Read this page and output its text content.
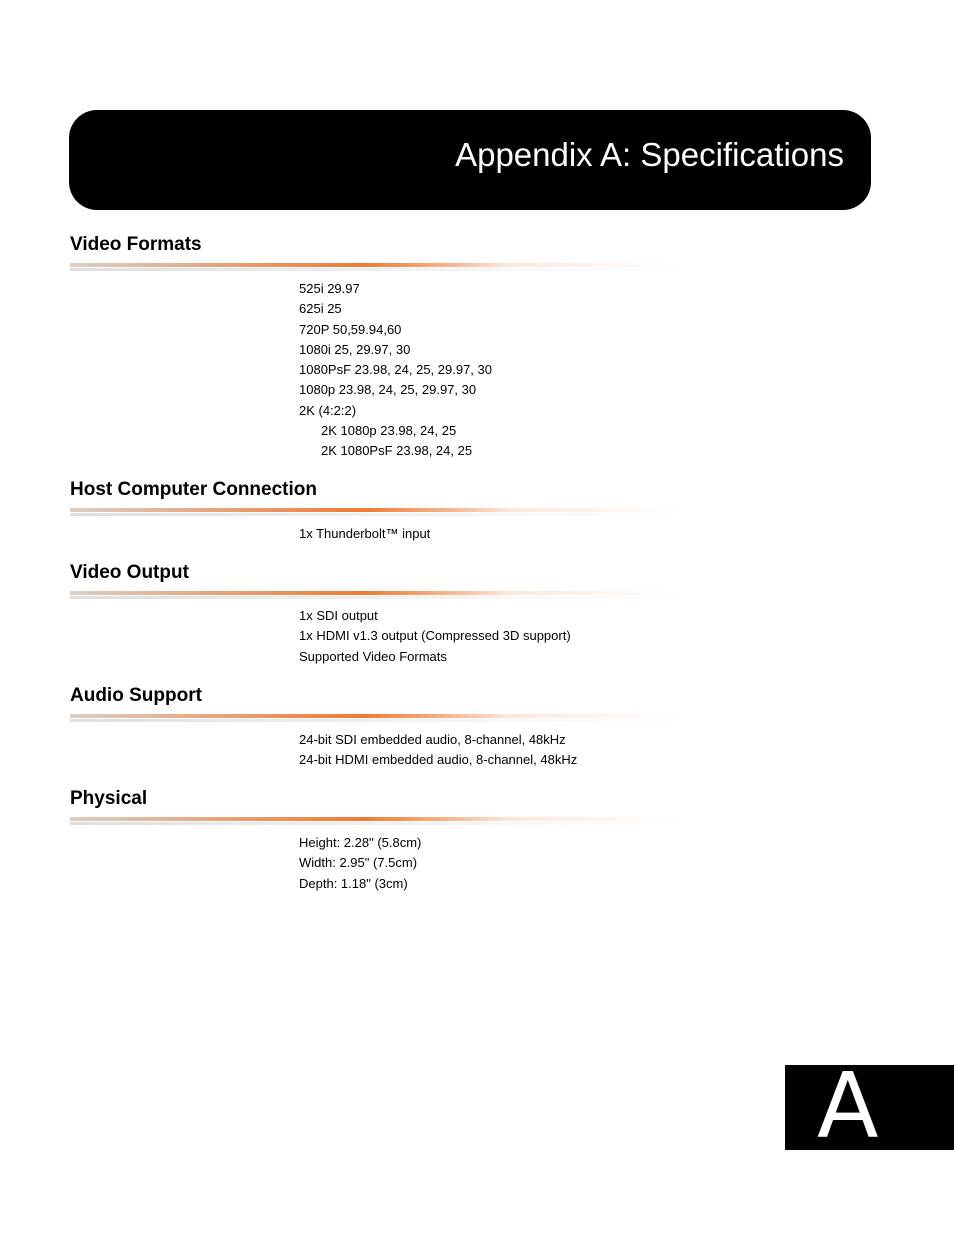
Appendix A: Specifications
Video Formats
525i 29.97
625i 25
720P 50,59.94,60
1080i 25, 29.97, 30
1080PsF 23.98, 24, 25, 29.97, 30
1080p 23.98, 24, 25, 29.97, 30
2K (4:2:2)
2K 1080p 23.98, 24, 25
2K 1080PsF 23.98, 24, 25
Host Computer Connection
1x Thunderbolt™ input
Video Output
1x SDI output
1x HDMI v1.3 output (Compressed 3D support)
Supported Video Formats
Audio Support
24-bit SDI embedded audio, 8-channel, 48kHz
24-bit HDMI embedded audio, 8-channel, 48kHz
Physical
Height: 2.28" (5.8cm)
Width: 2.95" (7.5cm)
Depth: 1.18" (3cm)
A
